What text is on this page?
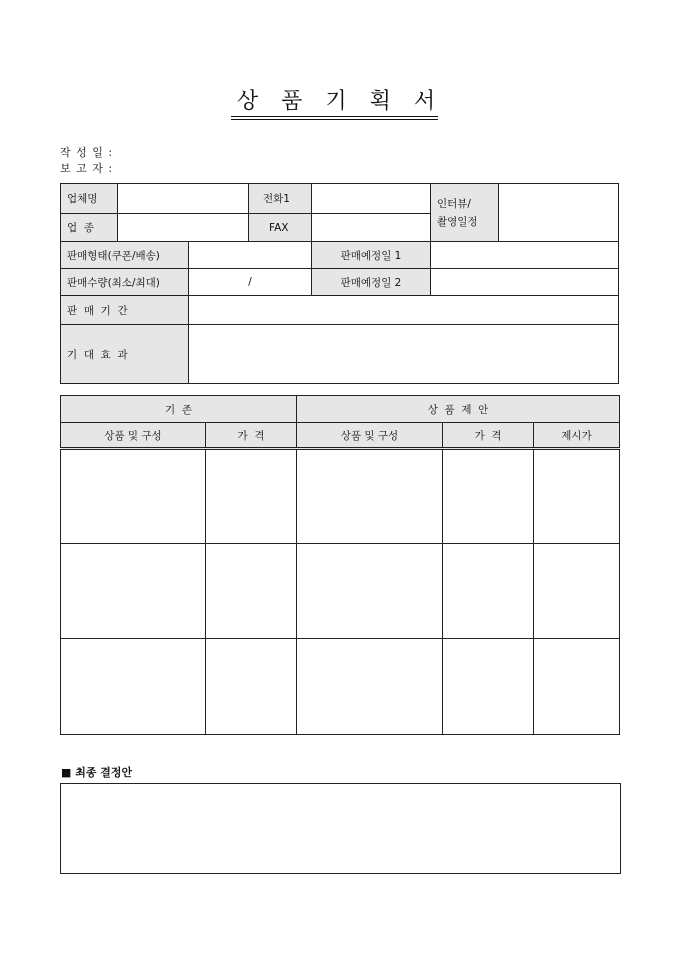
상 품 기 획 서
작 성 일 :
보 고 자 :
업체명			전화1		인터뷰/
촬영일정	

업  종			FAX			
판매형태(쿠폰/배송)				판매예정일 1		
판매수량(최소/최대)		/		판매예정일 2		
판  매  기  간						
기  대  효  과						
기  존		상  품  제  안		
상품 및 구성	가  격	상품 및 구성	가  격	제시가

■ 최종 결정안
